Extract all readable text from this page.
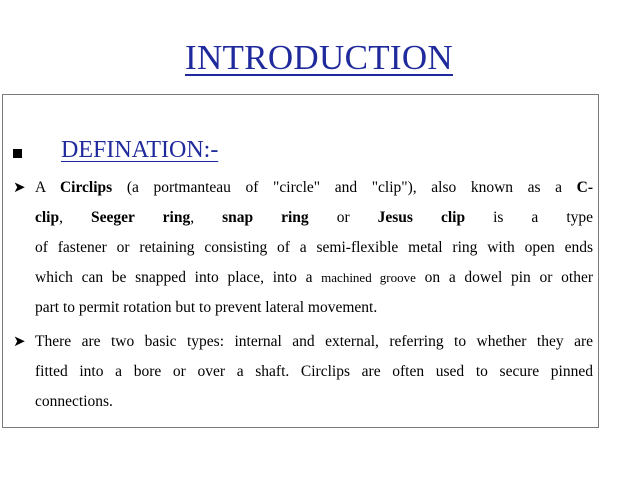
INTRODUCTION
DEFINATION:-
➤ A Circlips (a portmanteau of "circle" and "clip"), also known as a C-
clip, Seeger ring, snap ring or Jesus clip is a type
of fastener or retaining consisting of a semi-flexible metal ring with open ends
which can be snapped into place, into a machined groove on a dowel pin or other
part to permit rotation but to prevent lateral movement.
➤ There are two basic types: internal and external, referring to whether they are
fitted into a bore or over a shaft. Circlips are often used to secure pinned
connections.
